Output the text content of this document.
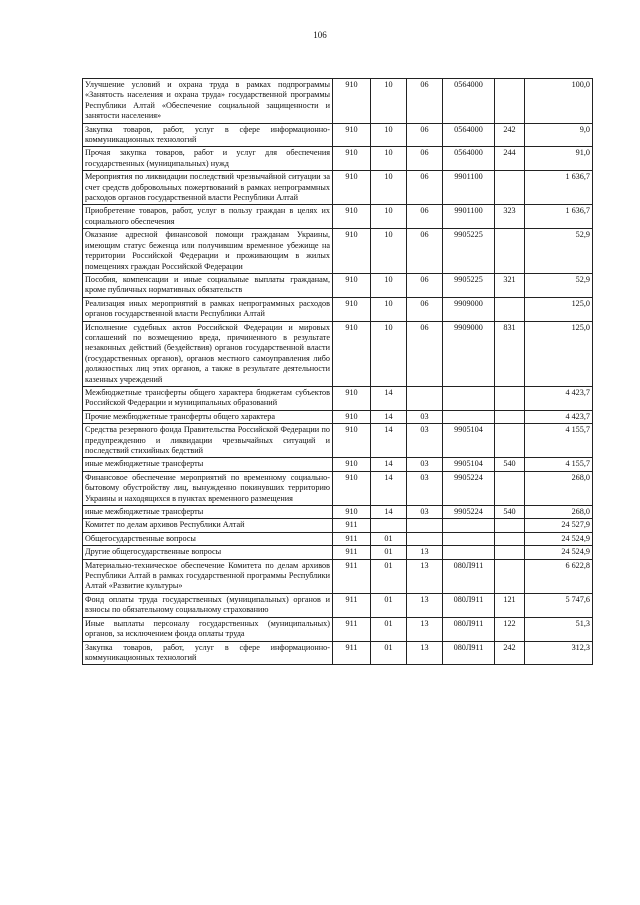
106
Улучшение условий и охрана труда в рамках подпрограммы «Занятость населения и охрана труда» государственной программы Республики Алтай «Обеспечение социальной защищенности и занятости населения»	910	10	06	0564000		100,0
Закупка товаров, работ, услуг в сфере информационно-коммуникационных технологий	910	10	06	0564000	242	9,0
Прочая закупка товаров, работ и услуг для обеспечения государственных (муниципальных) нужд	910	10	06	0564000	244	91,0
Мероприятия по ликвидации последствий чрезвычайной ситуации за счет средств добровольных пожертвований в рамках непрограммных расходов органов государственной власти Республики Алтай	910	10	06	9901100		1 636,7
Приобретение товаров, работ, услуг в пользу граждан в целях их социального обеспечения	910	10	06	9901100	323	1 636,7
Оказание адресной финансовой помощи гражданам Украины, имеющим статус беженца или получившим временное убежище на территории Российской Федерации и проживающим в жилых помещениях граждан Российской Федерации	910	10	06	9905225		52,9
Пособия, компенсации и иные социальные выплаты гражданам, кроме публичных нормативных обязательств	910	10	06	9905225	321	52,9
Реализация иных мероприятий в рамках непрограммных расходов органов государственной власти Республики Алтай	910	10	06	9909000		125,0
Исполнение судебных актов Российской Федерации и мировых соглашений по возмещению вреда, причиненного в результате незаконных действий (бездействия) органов государственной власти (государственных органов), органов местного самоуправления либо должностных лиц этих органов, а также в результате деятельности казенных учреждений	910	10	06	9909000	831	125,0
Межбюджетные трансферты общего характера бюджетам субъектов Российской Федерации и муниципальных образований	910	14				4 423,7
Прочие межбюджетные трансферты общего характера	910	14	03			4 423,7
Средства резервного фонда Правительства Российской Федерации по предупреждению и ликвидации чрезвычайных ситуаций и последствий стихийных бедствий	910	14	03	9905104		4 155,7
иные межбюджетные трансферты	910	14	03	9905104	540	4 155,7
Финансовое обеспечение мероприятий по временному социально-бытовому обустройству лиц, вынужденно покинувших территорию Украины и находящихся в пунктах временного размещения	910	14	03	9905224		268,0
иные межбюджетные трансферты	910	14	03	9905224	540	268,0
Комитет по делам архивов Республики Алтай	911					24 527,9
Общегосударственные вопросы	911	01				24 524,9
Другие общегосударственные вопросы	911	01	13			24 524,9
Материально-техническое обеспечение Комитета по делам архивов Республики Алтай в рамках государственной программы Республики Алтай «Развитие культуры»	911	01	13	080Л911		6 622,8
Фонд оплаты труда государственных (муниципальных) органов и взносы по обязательному социальному страхованию	911	01	13	080Л911	121	5 747,6
Иные выплаты персоналу государственных (муниципальных) органов, за исключением фонда оплаты труда	911	01	13	080Л911	122	51,3
Закупка товаров, работ, услуг в сфере информационно-коммуникационных технологий	911	01	13	080Л911	242	312,3
